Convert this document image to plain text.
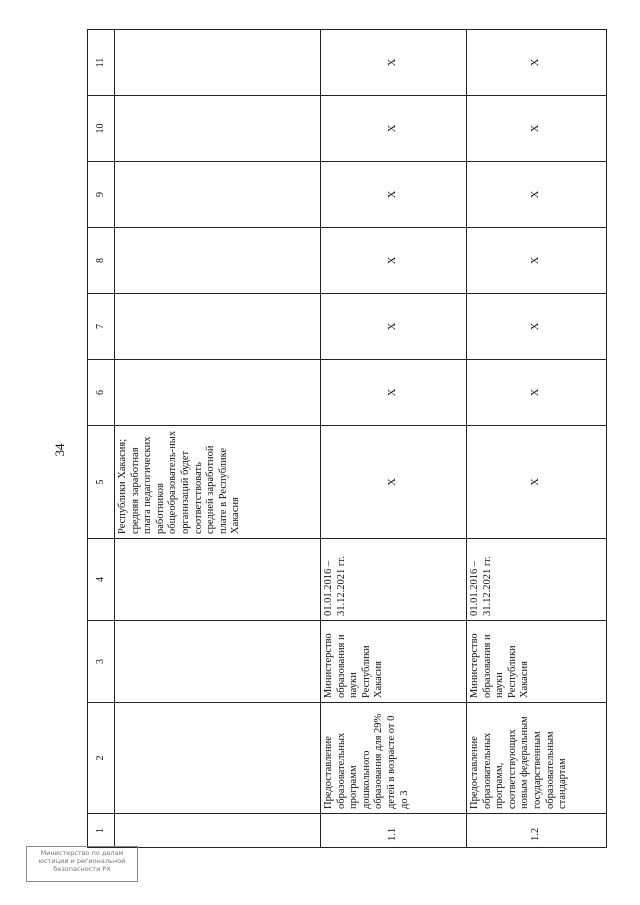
34
1	2	3	4	5	6	7	8	9	10	11
				Республики Хакасия; средняя заработная плата педагогических работников общеобразователь-ных организаций будет соответствовать средней заработной плате в Республике Хакасия						
1.1	Предоставление образовательных программ дошкольного образования для 29% детей в возрасте от 0 до 3	Министерство образования и науки Республики Хакасия	01.01.2016 – 31.12.2021 гг.	Х	Х	Х	Х	Х	Х	Х
1.2	Предоставление образовательных программ, соответствующих новым федеральным государственным образовательным стандартам	Министерство образования и науки Республики Хакасия	01.01.2016 – 31.12.2021 гг.	Х	Х	Х	Х	Х	Х	Х
Министерство по делам юстиции и региональной безопасности РХ
